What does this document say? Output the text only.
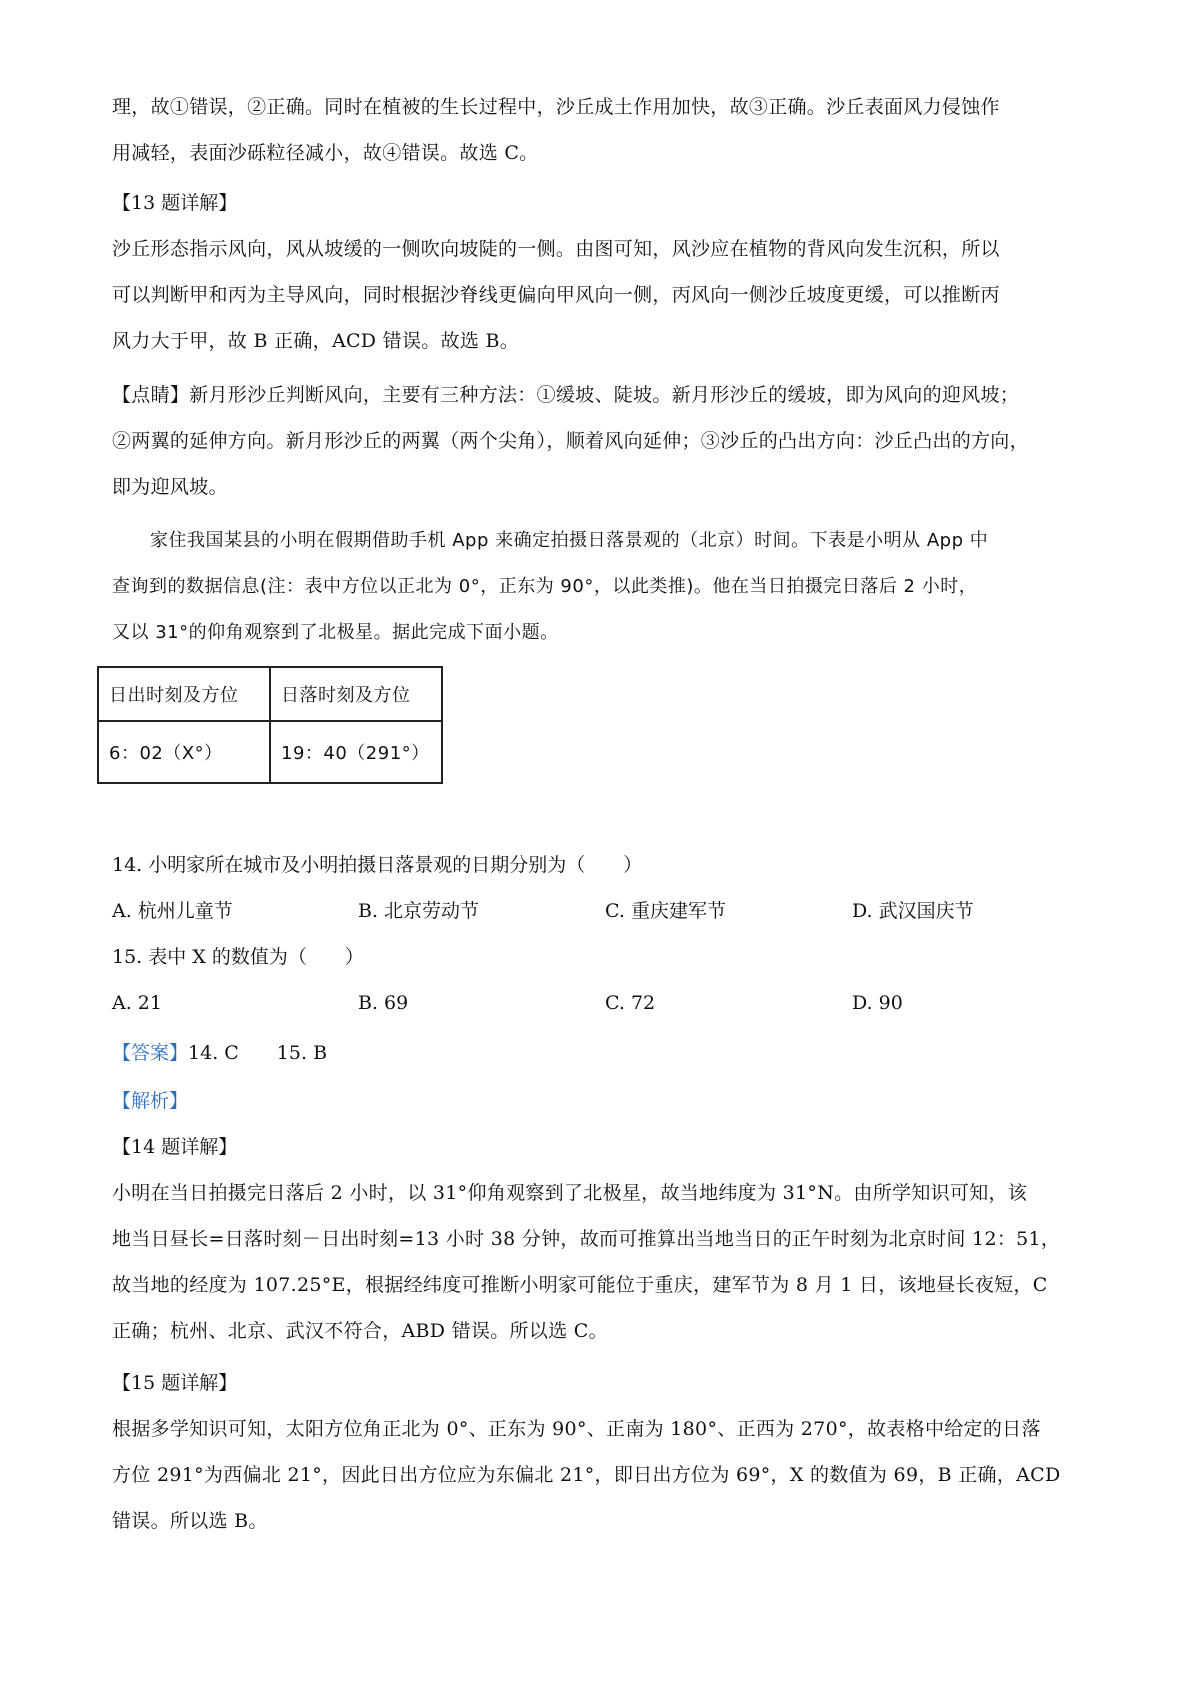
理，故①错误，②正确。同时在植被的生长过程中，沙丘成土作用加快，故③正确。沙丘表面风力侵蚀作
用减轻，表面沙砾粒径减小，故④错误。故选 C。
【13 题详解】
沙丘形态指示风向，风从坡缓的一侧吹向坡陡的一侧。由图可知，风沙应在植物的背风向发生沉积，所以
可以判断甲和丙为主导风向，同时根据沙脊线更偏向甲风向一侧，丙风向一侧沙丘坡度更缓，可以推断丙
风力大于甲，故 B 正确，ACD 错误。故选 B。
【点睛】新月形沙丘判断风向，主要有三种方法：①缓坡、陡坡。新月形沙丘的缓坡，即为风向的迎风坡；
②两翼的延伸方向。新月形沙丘的两翼（两个尖角），顺着风向延伸；③沙丘的凸出方向：沙丘凸出的方向，
即为迎风坡。
家住我国某县的小明在假期借助手机 App 来确定拍摄日落景观的（北京）时间。下表是小明从 App 中
查询到的数据信息(注：表中方位以正北为 0°，正东为 90°，以此类推)。他在当日拍摄完日落后 2 小时，
又以 31°的仰角观察到了北极星。据此完成下面小题。
日出时刻及方位	日落时刻及方位
6：02（X°）	19：40（291°）
14. 小明家所在城市及小明拍摄日落景观的日期分别为（　　）
A. 杭州儿童节	B. 北京劳动节	C. 重庆建军节	D. 武汉国庆节
15. 表中 X 的数值为（　　）
A. 21	B. 69	C. 72	D. 90
【答案】14. C　　15. B
【解析】
【14 题详解】
小明在当日拍摄完日落后 2 小时，以 31°仰角观察到了北极星，故当地纬度为 31°N。由所学知识可知，该
地当日昼长=日落时刻－日出时刻=13 小时 38 分钟，故而可推算出当地当日的正午时刻为北京时间 12：51，
故当地的经度为 107.25°E，根据经纬度可推断小明家可能位于重庆，建军节为 8 月 1 日，该地昼长夜短，C
正确；杭州、北京、武汉不符合，ABD 错误。所以选 C。
【15 题详解】
根据多学知识可知，太阳方位角正北为 0°、正东为 90°、正南为 180°、正西为 270°，故表格中给定的日落
方位 291°为西偏北 21°，因此日出方位应为东偏北 21°，即日出方位为 69°，X 的数值为 69，B 正确，ACD
错误。所以选 B。
